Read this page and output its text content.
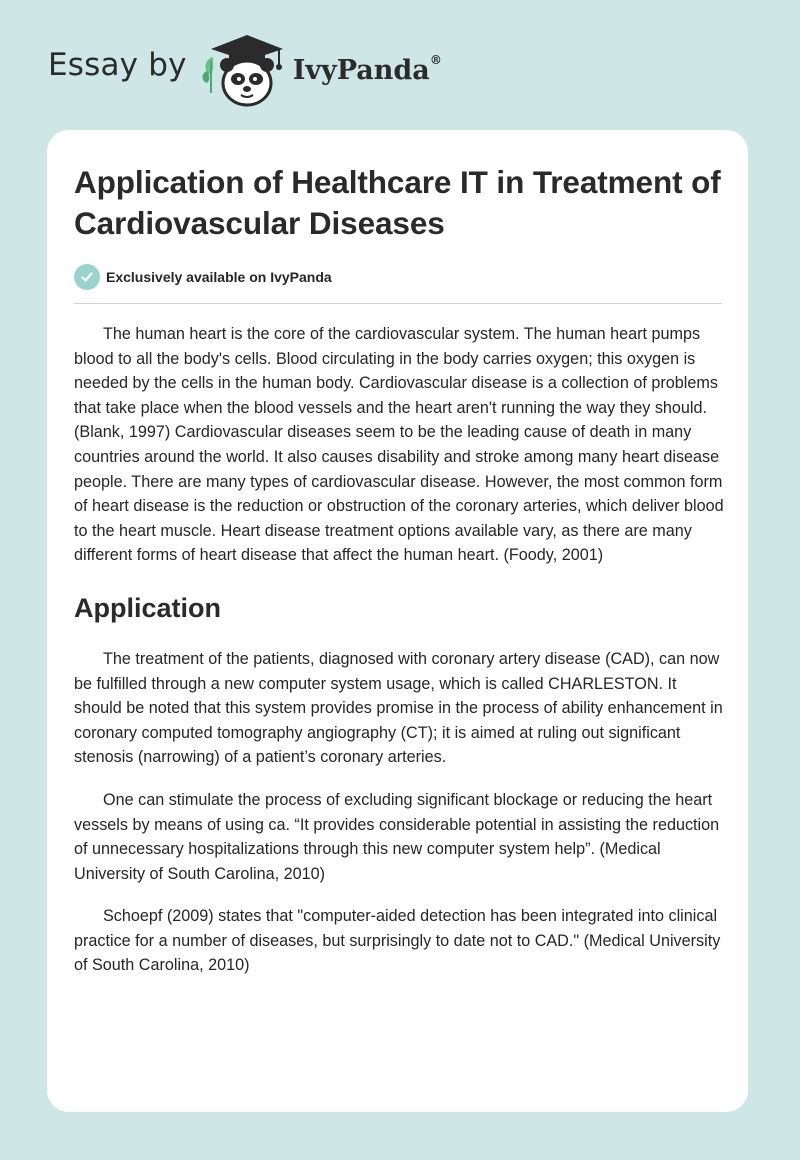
Essay by	IvyPanda®
Application of Healthcare IT in Treatment of Cardiovascular Diseases
Exclusively available on IvyPanda

The human heart is the core of the cardiovascular system. The human heart pumps blood to all the body's cells. Blood circulating in the body carries oxygen; this oxygen is needed by the cells in the human body. Cardiovascular disease is a collection of problems that take place when the blood vessels and the heart aren't running the way they should. (Blank, 1997) Cardiovascular diseases seem to be the leading cause of death in many countries around the world. It also causes disability and stroke among many heart disease people. There are many types of cardiovascular disease. However, the most common form of heart disease is the reduction or obstruction of the coronary arteries, which deliver blood to the heart muscle. Heart disease treatment options available vary, as there are many different forms of heart disease that affect the human heart. (Foody, 2001)

Application

The treatment of the patients, diagnosed with coronary artery disease (CAD), can now be fulfilled through a new computer system usage, which is called CHARLESTON. It should be noted that this system provides promise in the process of ability enhancement in coronary computed tomography angiography (CT); it is aimed at ruling out significant stenosis (narrowing) of a patient’s coronary arteries.

One can stimulate the process of excluding significant blockage or reducing the heart vessels by means of using ca. “It provides considerable potential in assisting the reduction of unnecessary hospitalizations through this new computer system help”. (Medical University of South Carolina, 2010)

Schoepf (2009) states that "computer-aided detection has been integrated into clinical practice for a number of diseases, but surprisingly to date not to CAD." (Medical University of South Carolina, 2010)
